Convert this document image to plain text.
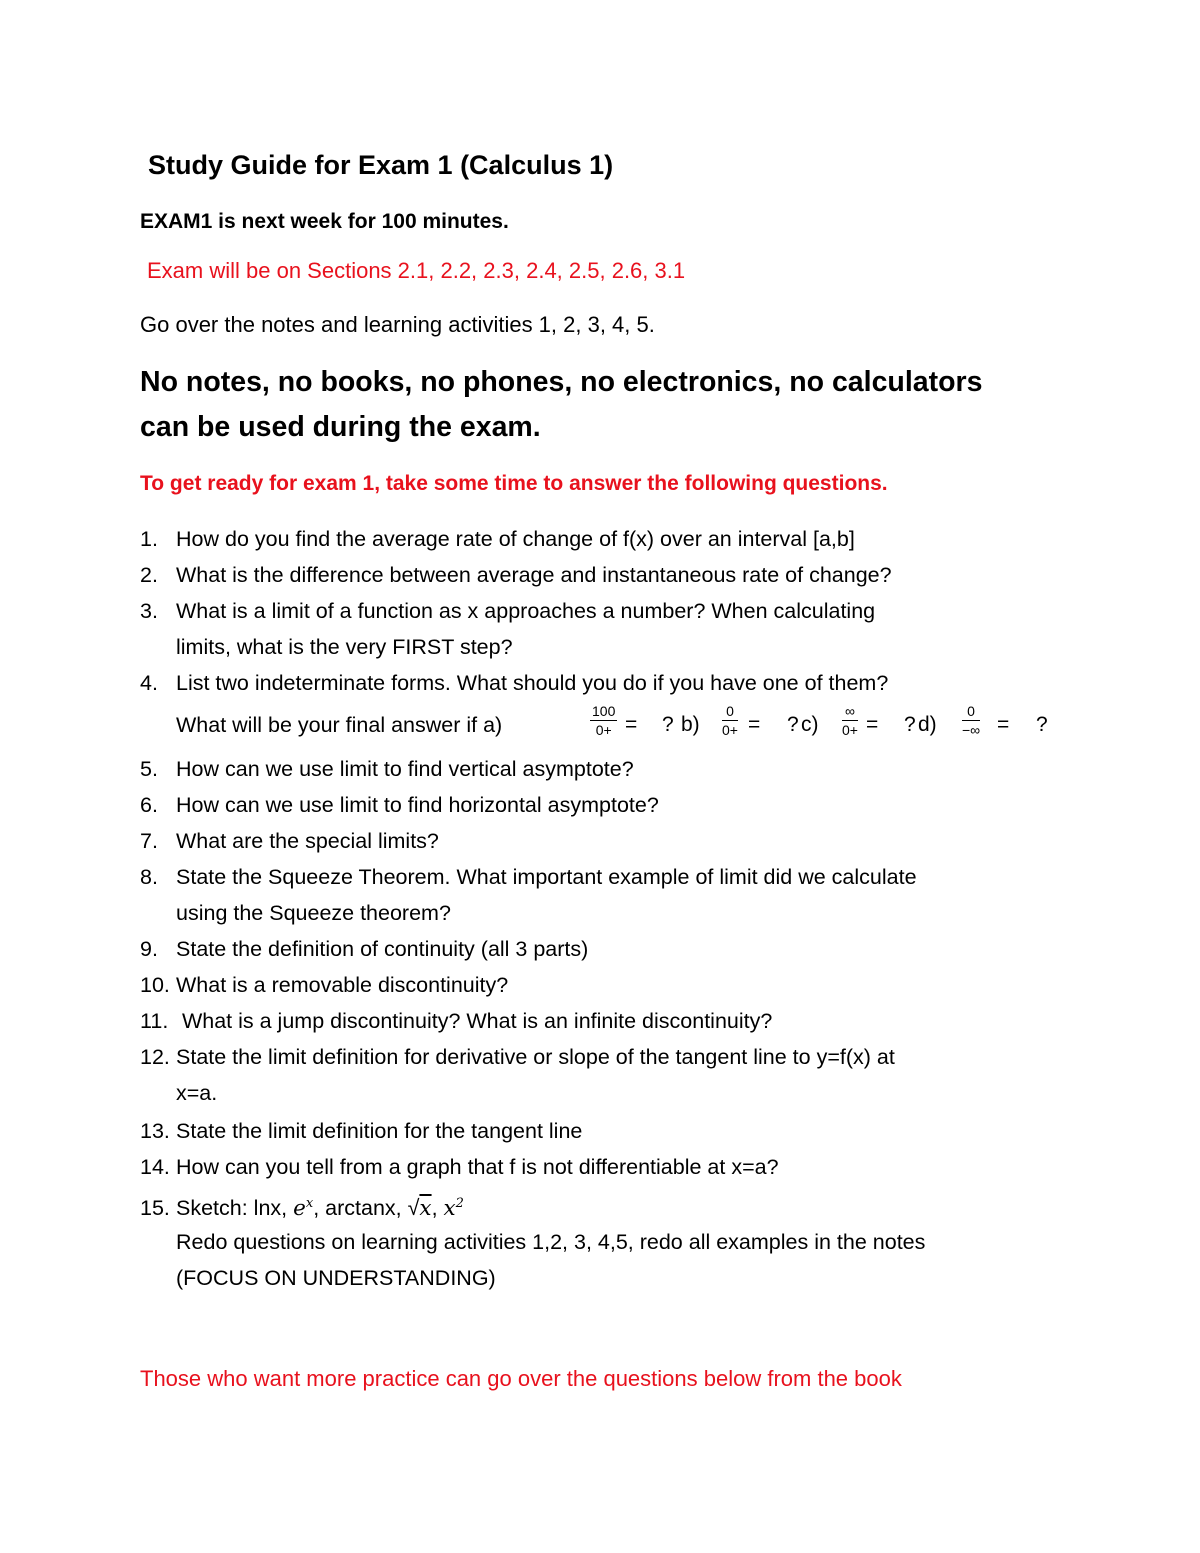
Study Guide for Exam 1 (Calculus 1)
EXAM1 is next week for 100 minutes.
Exam will be on Sections 2.1, 2.2, 2.3, 2.4, 2.5, 2.6, 3.1
Go over the notes and learning activities 1, 2, 3, 4, 5.
No notes, no books, no phones, no electronics, no calculators
can be used during the exam.
To get ready for exam 1, take some time to answer the following questions.
1. How do you find the average rate of change of f(x) over an interval [a,b]
2. What is the difference between average and instantaneous rate of change?
3. What is a limit of a function as x approaches a number? When calculating
limits, what is the very FIRST step?
4. List two indeterminate forms. What should you do if you have one of them?
What will be your final answer if a)	$\frac{100}{0+}$ = ? $b) \frac{0}{0+}$ = ? c)
∞
0+ = ? d)
0
−∞ = ?
5. How can we use limit to find vertical asymptote?
6. How can we use limit to find horizontal asymptote?
7. What are the special limits?
8. State the Squeeze Theorem. What important example of limit did we calculate
using the Squeeze theorem?
9. State the definition of continuity (all 3 parts)
10. What is a removable discontinuity?
11. What is a jump discontinuity? What is an infinite discontinuity?
12. State the limit definition for derivative or slope of the tangent line to y=f(x) at
x=a.
13. State the limit definition for the tangent line
14. How can you tell from a graph that f is not differentiable at x=a?
15. Sketch: lnx, $e^x$, arctanx, √x, $x^2$
Redo questions on learning activities 1,2, 3, 4,5, redo all examples in the notes
(FOCUS ON UNDERSTANDING)
Those who want more practice can go over the questions below from the book
